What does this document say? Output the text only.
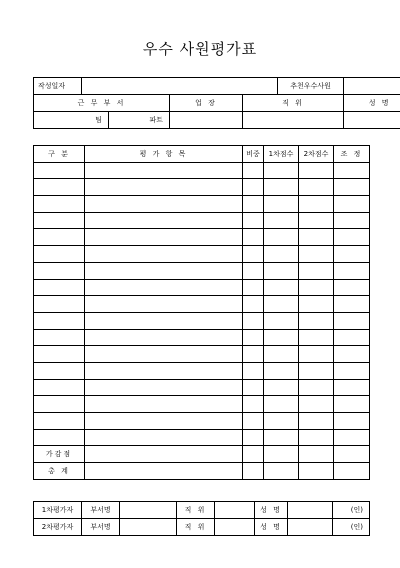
우수 사원평가표
작성일자					추천우수사원	
근 무 부 서			업 장	직 위		성 명
팀		파트				
구 분	평 가 항 목	비중	1차점수	2차점수	조 정

가감점					
총 계					
1차평가자	부서명		직 위		성 명		(인)
2차평가자	부서명		직 위		성 명		(인)
